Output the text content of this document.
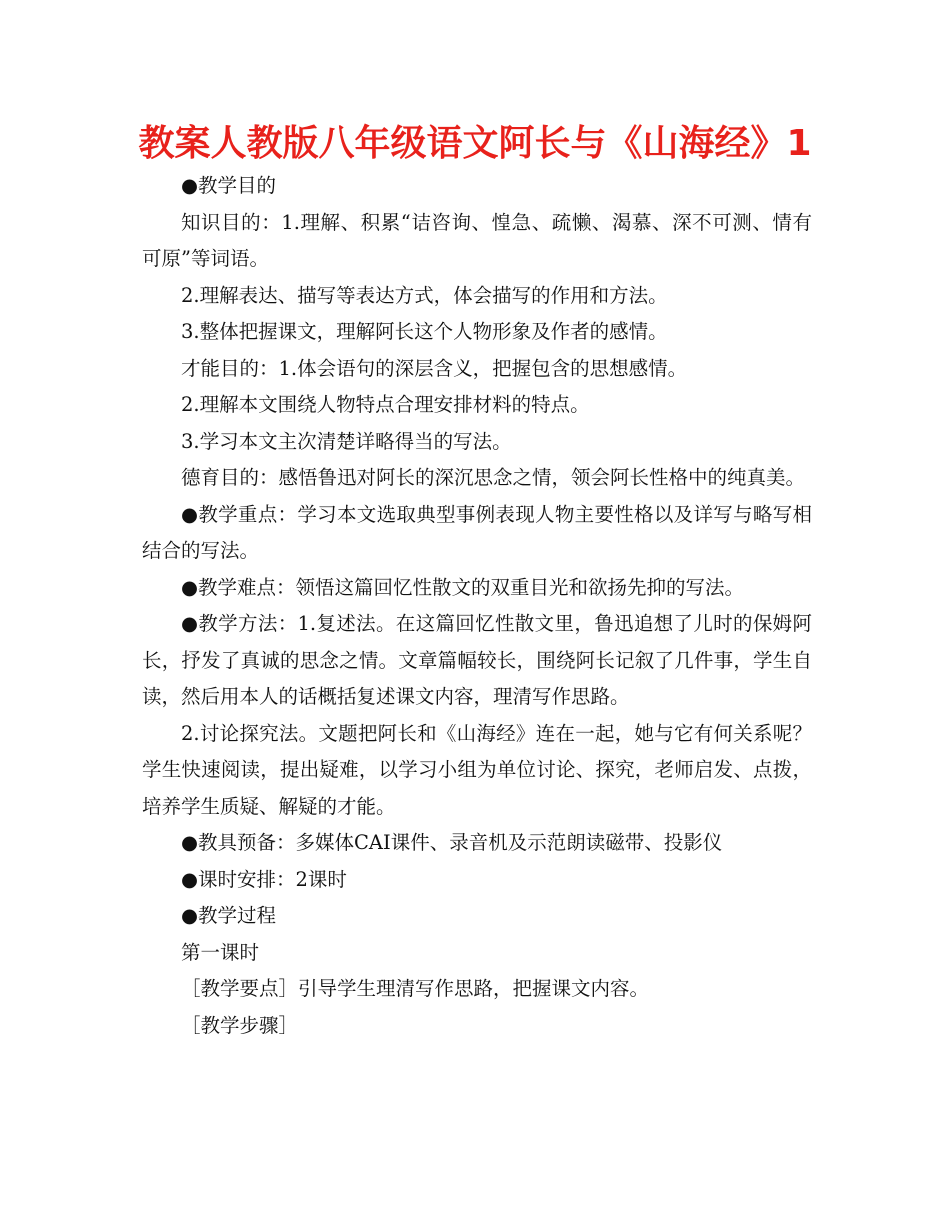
教案人教版八年级语文阿长与《山海经》1

●教学目的

知识目的：1.理解、积累“诘咨询、惶急、疏懒、渴慕、深不可测、情有可原”等词语。

2.理解表达、描写等表达方式，体会描写的作用和方法。

3.整体把握课文，理解阿长这个人物形象及作者的感情。

才能目的：1.体会语句的深层含义，把握包含的思想感情。

2.理解本文围绕人物特点合理安排材料的特点。

3.学习本文主次清楚详略得当的写法。

德育目的：感悟鲁迅对阿长的深沉思念之情，领会阿长性格中的纯真美。

●教学重点：学习本文选取典型事例表现人物主要性格以及详写与略写相结合的写法。

●教学难点：领悟这篇回忆性散文的双重目光和欲扬先抑的写法。

●教学方法：1.复述法。在这篇回忆性散文里，鲁迅追想了儿时的保姆阿长，抒发了真诚的思念之情。文章篇幅较长，围绕阿长记叙了几件事，学生自读，然后用本人的话概括复述课文内容，理清写作思路。

2.讨论探究法。文题把阿长和《山海经》连在一起，她与它有何关系呢？学生快速阅读，提出疑难，以学习小组为单位讨论、探究，老师启发、点拨，培养学生质疑、解疑的才能。

●教具预备：多媒体CAI课件、录音机及示范朗读磁带、投影仪

●课时安排：2课时

●教学过程

第一课时

［教学要点］引导学生理清写作思路，把握课文内容。

［教学步骤］
